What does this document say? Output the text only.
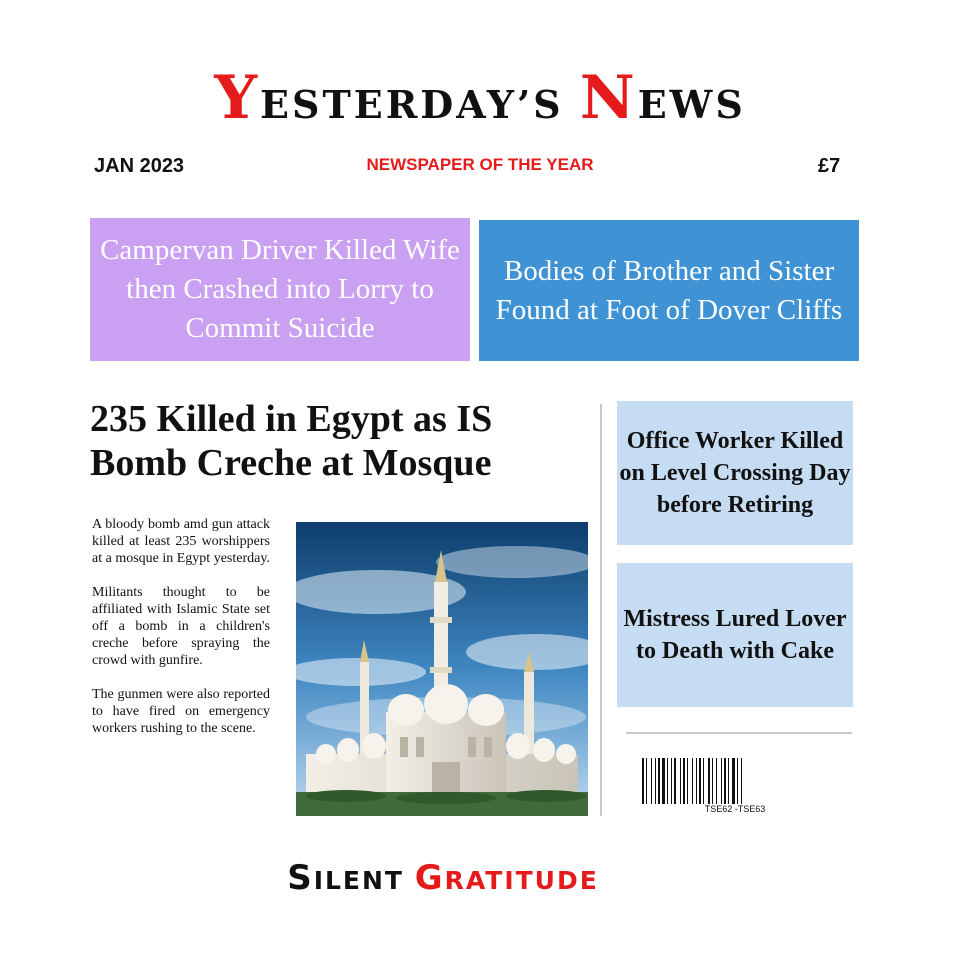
YESTERDAY’S NEWS
JAN 2023	NEWSPAPER OF THE YEAR	£7
Campervan Driver Killed Wife then Crashed into Lorry to Commit Suicide
Bodies of Brother and Sister Found at Foot of Dover Cliffs
235 Killed in Egypt as IS Bomb Creche at Mosque

A bloody bomb amd gun attack killed at least 235 worshippers at a mosque in Egypt yesterday.

Militants thought to be affiliated with Islamic State set off a bomb in a children's creche before spraying the crowd with gunfire.

The gunmen were also reported to have fired on emergency workers rushing to the scene.

Office Worker Killed on Level Crossing Day before Retiring
Mistress Lured Lover to Death with Cake
TSE62 -TSE63
SILENT GRATITUDE
